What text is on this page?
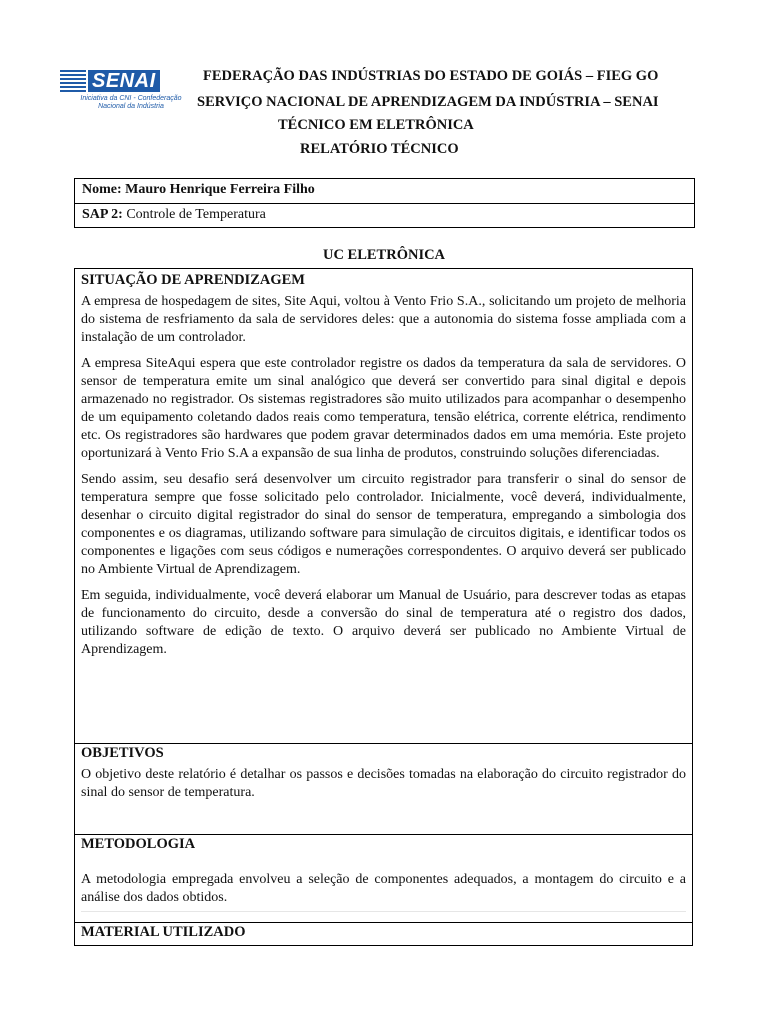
SENAI
Iniciativa da CNI - Confederação Nacional da Indústria
FEDERAÇÃO DAS INDÚSTRIAS DO ESTADO DE GOIÁS – FIEG GO
SERVIÇO NACIONAL DE APRENDIZAGEM DA INDÚSTRIA – SENAI
TÉCNICO EM ELETRÔNICA
RELATÓRIO TÉCNICO
Nome: Mauro Henrique Ferreira Filho
SAP 2: Controle de Temperatura
UC ELETRÔNICA
SITUAÇÃO DE APRENDIZAGEM

A empresa de hospedagem de sites, Site Aqui, voltou à Vento Frio S.A., solicitando um projeto de melhoria do sistema de resfriamento da sala de servidores deles: que a autonomia do sistema fosse ampliada com a instalação de um controlador.

A empresa SiteAqui espera que este controlador registre os dados da temperatura da sala de servidores. O sensor de temperatura emite um sinal analógico que deverá ser convertido para sinal digital e depois armazenado no registrador. Os sistemas registradores são muito utilizados para acompanhar o desempenho de um equipamento coletando dados reais como temperatura, tensão elétrica, corrente elétrica, rendimento etc. Os registradores são hardwares que podem gravar determinados dados em uma memória. Este projeto oportunizará à Vento Frio S.A a expansão de sua linha de produtos, construindo soluções diferenciadas.

Sendo assim, seu desafio será desenvolver um circuito registrador para transferir o sinal do sensor de temperatura sempre que fosse solicitado pelo controlador. Inicialmente, você deverá, individualmente, desenhar o circuito digital registrador do sinal do sensor de temperatura, empregando a simbologia dos componentes e os diagramas, utilizando software para simulação de circuitos digitais, e identificar todos os componentes e ligações com seus códigos e numerações correspondentes. O arquivo deverá ser publicado no Ambiente Virtual de Aprendizagem.

Em seguida, individualmente, você deverá elaborar um Manual de Usuário, para descrever todas as etapas de funcionamento do circuito, desde a conversão do sinal de temperatura até o registro dos dados, utilizando software de edição de texto. O arquivo deverá ser publicado no Ambiente Virtual de Aprendizagem.

OBJETIVOS

O objetivo deste relatório é detalhar os passos e decisões tomadas na elaboração do circuito registrador do sinal do sensor de temperatura.

METODOLOGIA

A metodologia empregada envolveu a seleção de componentes adequados, a montagem do circuito e a análise dos dados obtidos.

MATERIAL UTILIZADO
